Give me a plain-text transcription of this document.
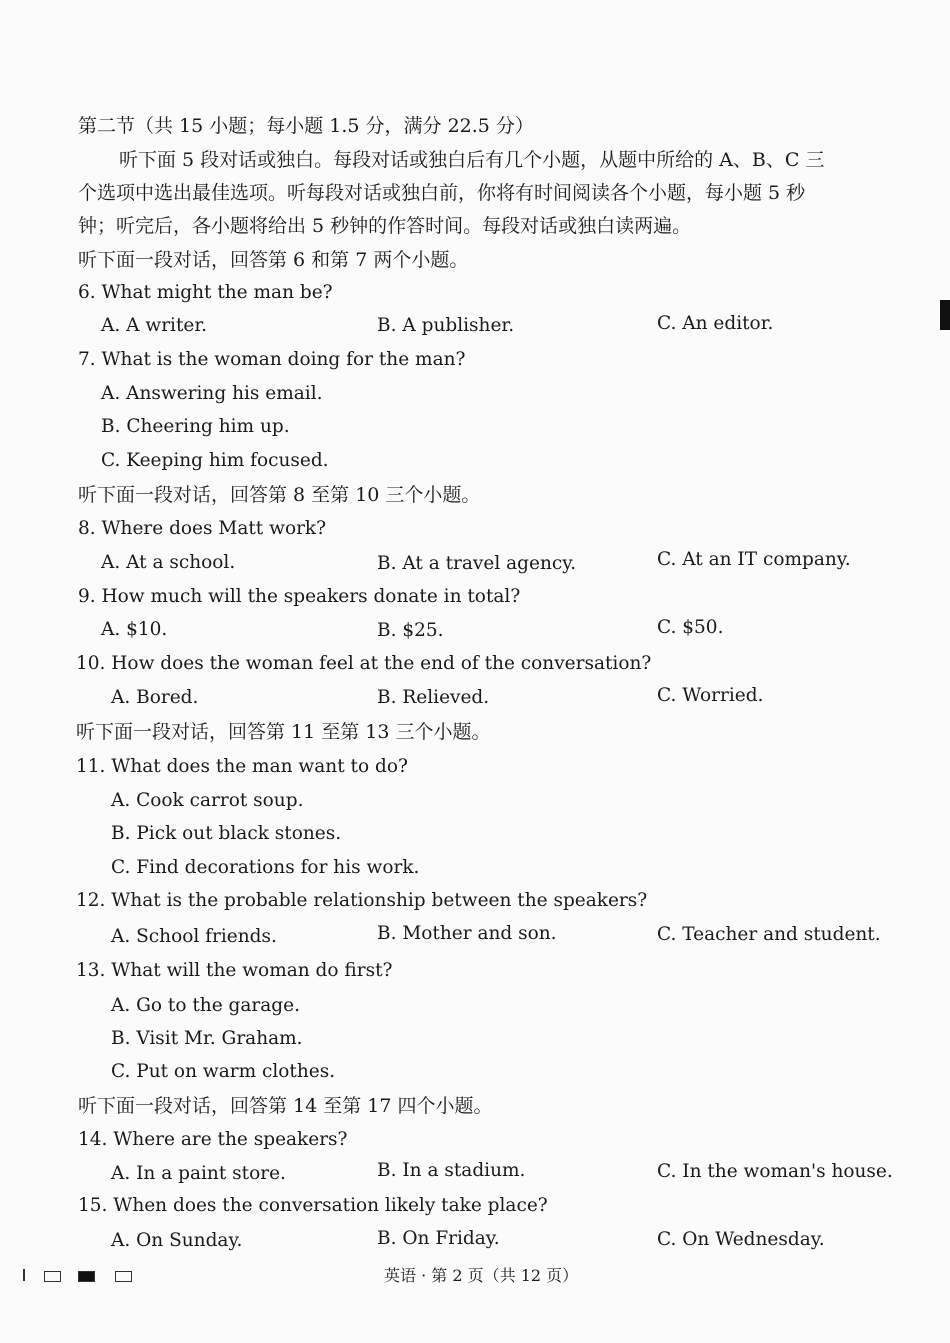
第二节（共 15 小题；每小题 1.5 分，满分 22.5 分）
听下面 5 段对话或独白。每段对话或独白后有几个小题，从题中所给的 A、B、C 三
个选项中选出最佳选项。听每段对话或独白前，你将有时间阅读各个小题，每小题 5 秒
钟；听完后，各小题将给出 5 秒钟的作答时间。每段对话或独白读两遍。
听下面一段对话，回答第 6 和第 7 两个小题。
6. What might the man be?
A. A writer.	B. A publisher.	C. An editor.
7. What is the woman doing for the man?
A. Answering his email.
B. Cheering him up.
C. Keeping him focused.
听下面一段对话，回答第 8 至第 10 三个小题。
8. Where does Matt work?
A. At a school.	B. At a travel agency.	C. At an IT company.
9. How much will the speakers donate in total?
A. $10.	B. $25.	C. $50.
10. How does the woman feel at the end of the conversation?
A. Bored.	B. Relieved.	C. Worried.
听下面一段对话，回答第 11 至第 13 三个小题。
11. What does the man want to do?
A. Cook carrot soup.
B. Pick out black stones.
C. Find decorations for his work.
12. What is the probable relationship between the speakers?
A. School friends.	B. Mother and son.	C. Teacher and student.
13. What will the woman do first?
A. Go to the garage.
B. Visit Mr. Graham.
C. Put on warm clothes.
听下面一段对话，回答第 14 至第 17 四个小题。
14. Where are the speakers?
A. In a paint store.	B. In a stadium.	C. In the woman's house.
15. When does the conversation likely take place?
A. On Sunday.	B. On Friday.	C. On Wednesday.
英语 · 第 2 页（共 12 页）
